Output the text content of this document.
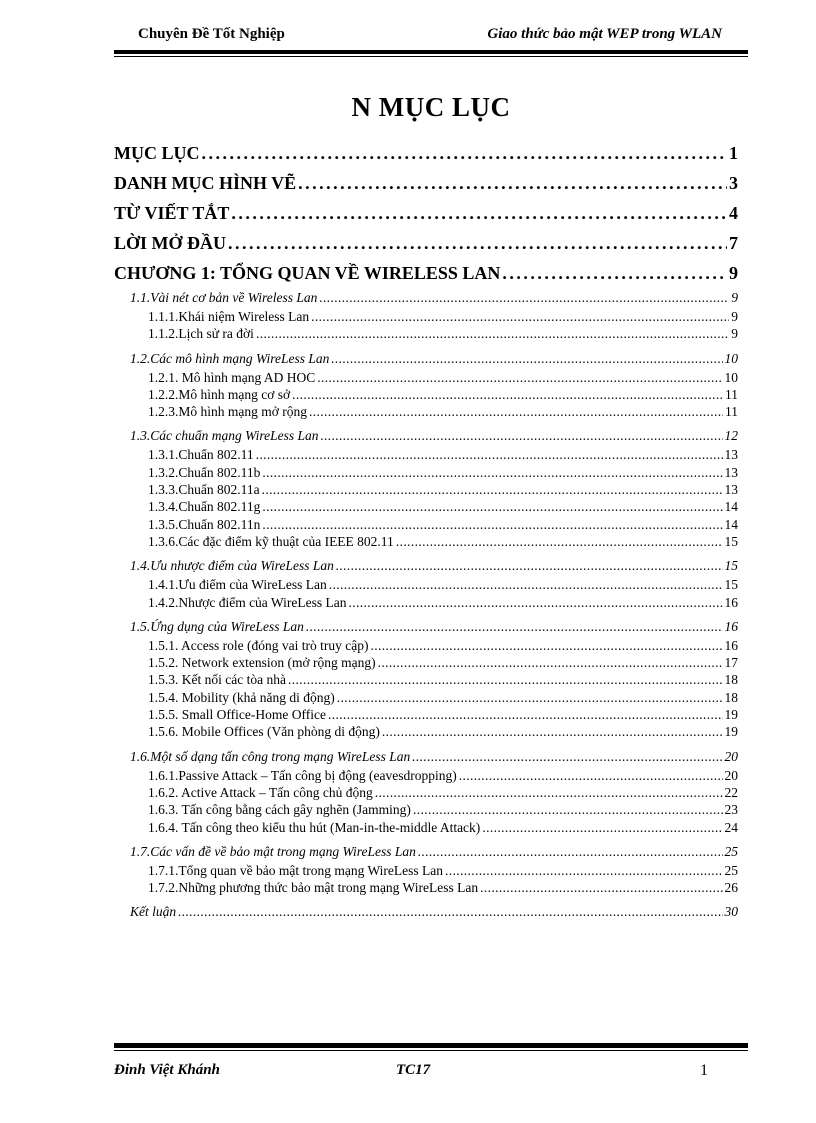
Chuyên Đề Tốt Nghiệp	Giao thức bảo mật WEP trong WLAN
N MỤC LỤC
MỤC LỤC . . .	1
DANH MỤC HÌNH VẼ . . .	3
TỪ VIẾT TẮT . . .	4
LỜI MỞ ĐẦU . . .	7
CHƯƠNG 1: TỔNG QUAN VỀ WIRELESS LAN . . .	9
1.1.Vài nét cơ bản về Wireless Lan . . .	9
1.1.1.Khái niệm Wireless Lan . . .	9
1.1.2.Lịch sử ra đời . . .	9
1.2.Các mô hình mạng WireLess Lan . . .	10
1.2.1. Mô hình mạng AD HOC . . .	10
1.2.2.Mô hình mạng cơ sở . . .	11
1.2.3.Mô hình mạng mở rộng . . .	11
1.3.Các chuẩn mạng WireLess Lan . . .	12
1.3.1.Chuẩn 802.11 . . .	13
1.3.2.Chuẩn 802.11b . . .	13
1.3.3.Chuẩn 802.11a . . .	13
1.3.4.Chuẩn 802.11g . . .	14
1.3.5.Chuẩn 802.11n . . .	14
1.3.6.Các đặc điểm kỹ thuật của IEEE 802.11 . . .	15
1.4.Ưu nhược điểm của WireLess Lan . . .	15
1.4.1.Ưu điểm của WireLess Lan . . .	15
1.4.2.Nhược điểm của WireLess Lan . . .	16
1.5.Ứng dụng của WireLess Lan . . .	16
1.5.1. Access role (đóng vai trò truy cập) . . .	16
1.5.2. Network extension (mở rộng mạng) . . .	17
1.5.3. Kết nối các tòa nhà . . .	18
1.5.4. Mobility (khả năng di động) . . .	18
1.5.5. Small Office-Home Office . . .	19
1.5.6. Mobile Offices (Văn phòng di động) . . .	19
1.6.Một số dạng tấn công trong mạng WireLess Lan . . .	20
1.6.1.Passive Attack – Tấn công bị động (eavesdropping) . . .	20
1.6.2. Active Attack – Tấn công chủ động . . .	22
1.6.3. Tấn công bằng cách gây nghẽn (Jamming) . . .	23
1.6.4. Tấn công theo kiểu thu hút (Man-in-the-middle Attack) . . .	24
1.7.Các vấn đề về bảo mật trong mạng WireLess Lan . . .	25
1.7.1.Tổng quan về bảo mật trong mạng WireLess Lan . . .	25
1.7.2.Những phương thức bảo mật trong mạng WireLess Lan . . .	26
Kết luận . . .	30
Đinh Việt Khánh	TC17	1
